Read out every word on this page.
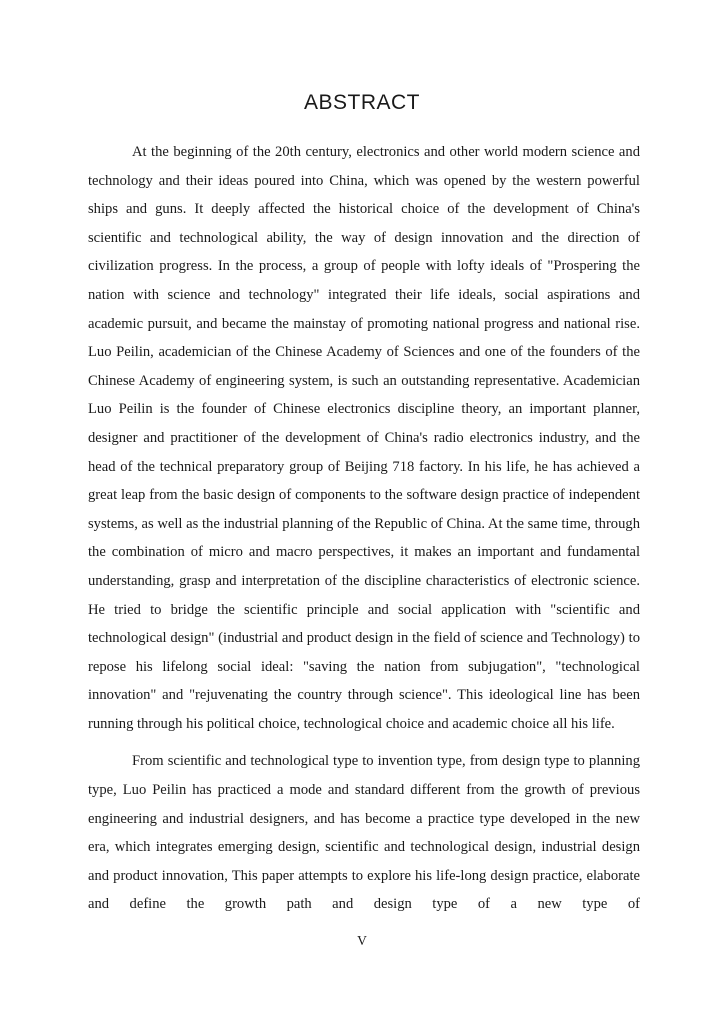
ABSTRACT

At the beginning of the 20th century, electronics and other world modern science and technology and their ideas poured into China, which was opened by the western powerful ships and guns. It deeply affected the historical choice of the development of China's scientific and technological ability, the way of design innovation and the direction of civilization progress. In the process, a group of people with lofty ideals of "Prospering the nation with science and technology" integrated their life ideals, social aspirations and academic pursuit, and became the mainstay of promoting national progress and national rise. Luo Peilin, academician of the Chinese Academy of Sciences and one of the founders of the Chinese Academy of engineering system, is such an outstanding representative. Academician Luo Peilin is the founder of Chinese electronics discipline theory, an important planner, designer and practitioner of the development of China's radio electronics industry, and the head of the technical preparatory group of Beijing 718 factory. In his life, he has achieved a great leap from the basic design of components to the software design practice of independent systems, as well as the industrial planning of the Republic of China. At the same time, through the combination of micro and macro perspectives, it makes an important and fundamental understanding, grasp and interpretation of the discipline characteristics of electronic science. He tried to bridge the scientific principle and social application with "scientific and technological design" (industrial and product design in the field of science and Technology) to repose his lifelong social ideal: "saving the nation from subjugation", "technological innovation" and "rejuvenating the country through science". This ideological line has been running through his political choice, technological choice and academic choice all his life.

From scientific and technological type to invention type, from design type to planning type, Luo Peilin has practiced a mode and standard different from the growth of previous engineering and industrial designers, and has become a practice type developed in the new era, which integrates emerging design, scientific and technological design, industrial design and product innovation, This paper attempts to explore his life-long design practice, elaborate and define the growth path and design type of a new type of

V
